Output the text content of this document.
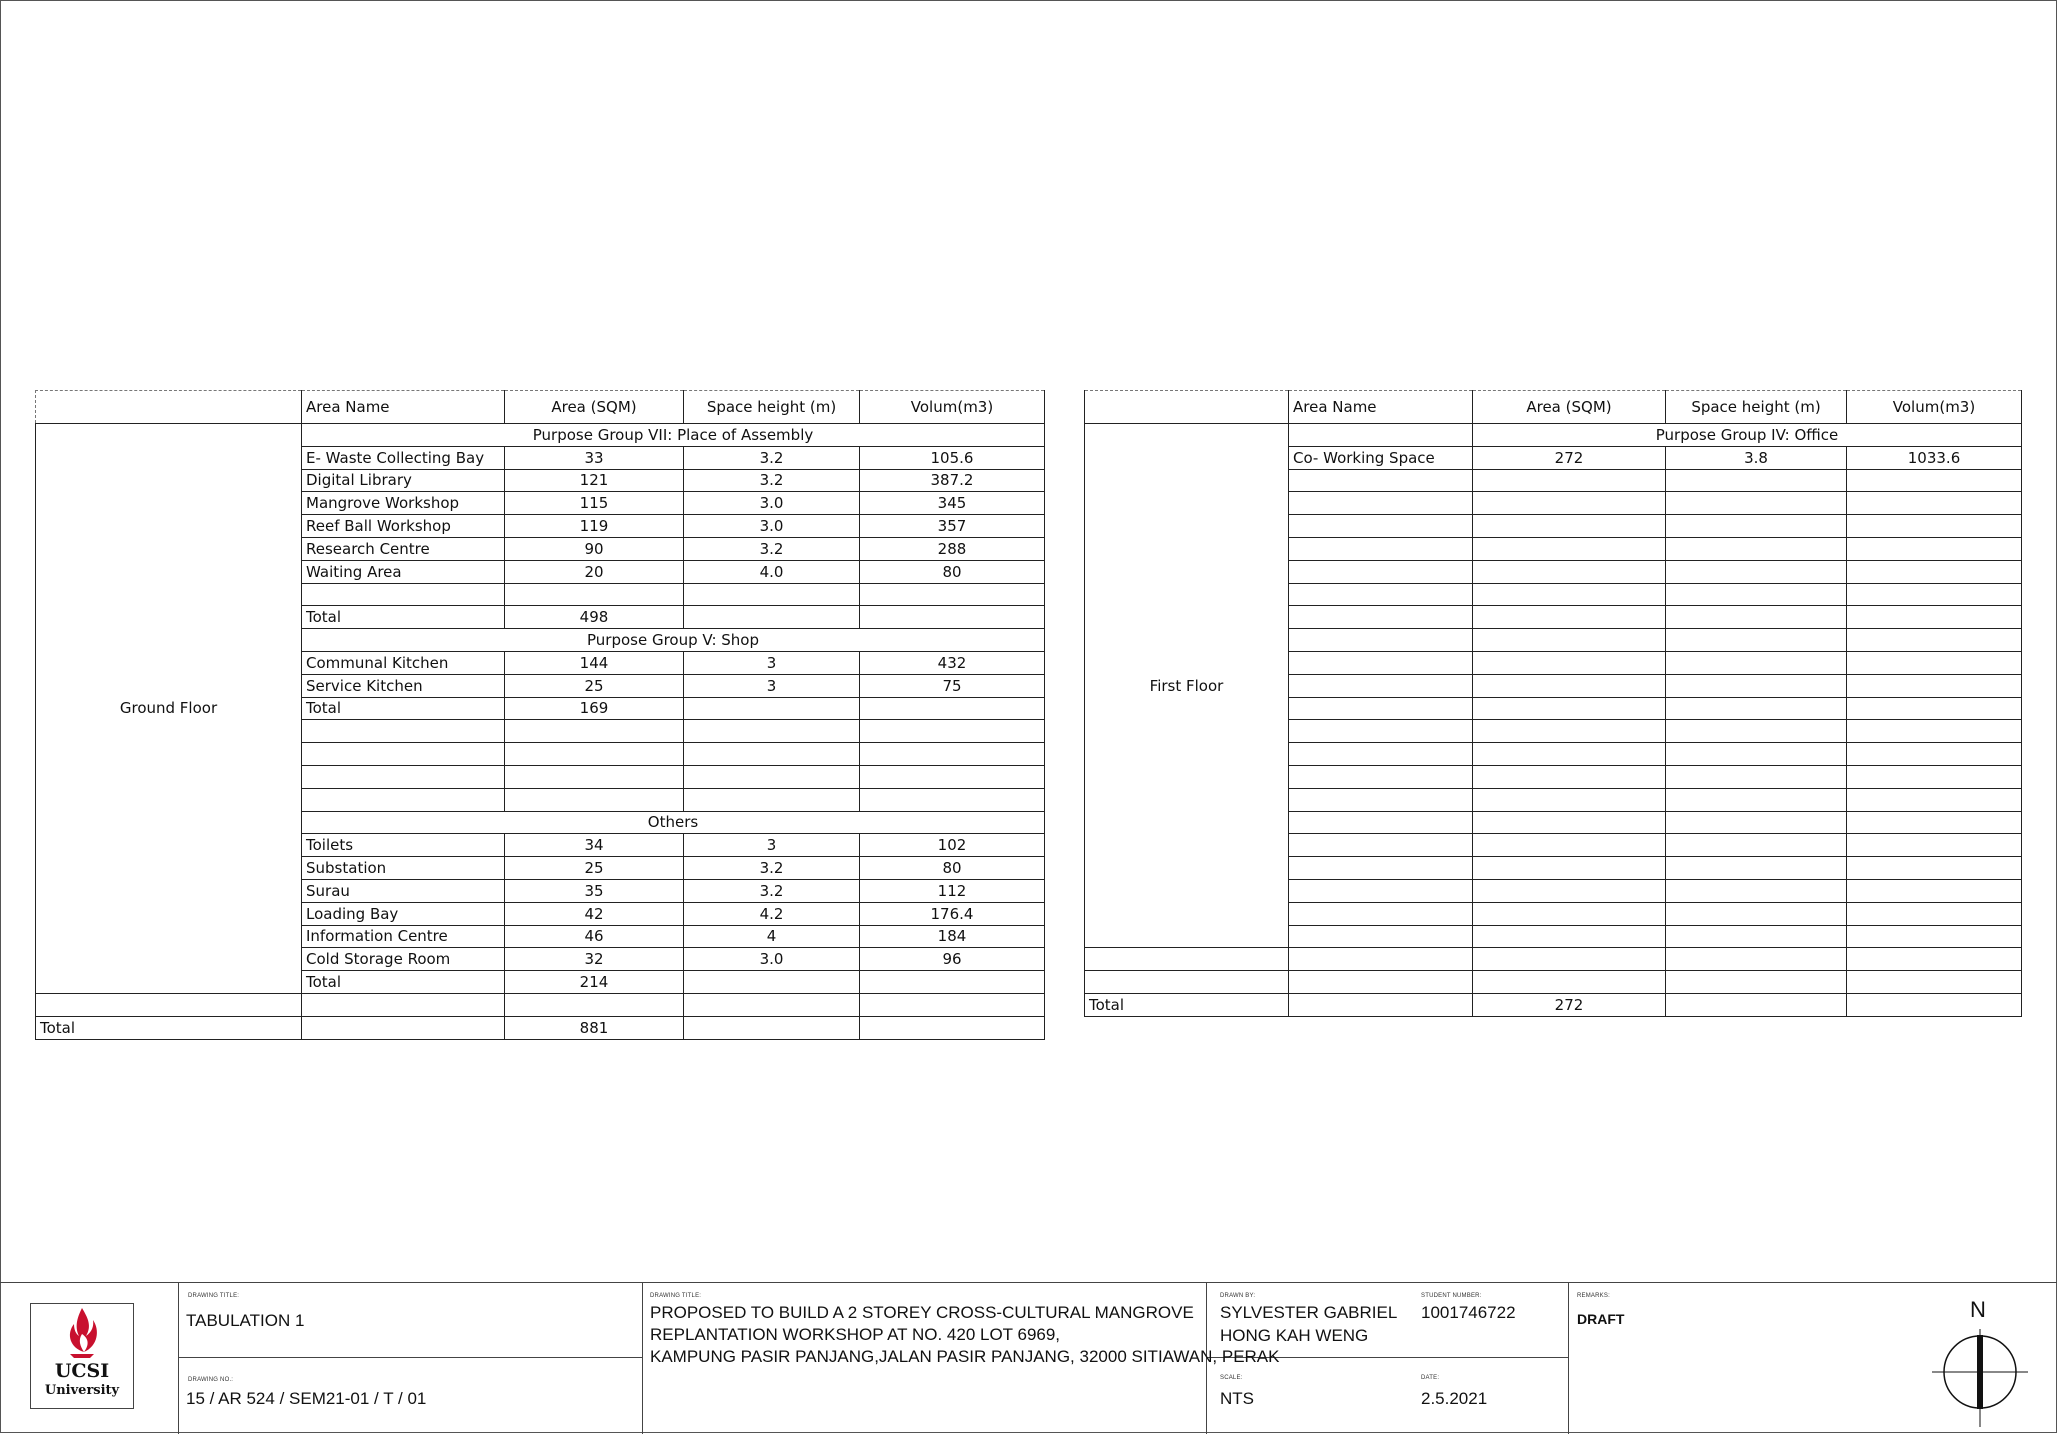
	Area Name	Area (SQM)	Space height (m)	Volum(m3)
Ground Floor	Purpose Group VII: Place of Assembly			
	E- Waste Collecting Bay	33	3.2	105.6
	Digital Library	121	3.2	387.2
	Mangrove Workshop	115	3.0	345
	Reef Ball Workshop	119	3.0	357
	Research Centre	90	3.2	288
	Waiting Area	20	4.0	80

	Total	498		
	Purpose Group V: Shop			
	Communal Kitchen	144	3	432
	Service Kitchen	25	3	75
	Total	169		

	Others			
	Toilets	34	3	102
	Substation	25	3.2	80
	Surau	35	3.2	112
	Loading Bay	42	4.2	176.4
	Information Centre	46	4	184
	Cold Storage Room	32	3.0	96
	Total	214		

Total		881		
	Area Name	Area (SQM)	Space height (m)	Volum(m3)
First Floor		Purpose Group IV: Office		
	Co- Working Space	272	3.8	1033.6

Total		272		
UCSI
University
DRAWING TITLE:
TABULATION 1
DRAWING NO.:
15 / AR 524 / SEM21-01 / T / 01
DRAWING TITLE:
PROPOSED TO BUILD A 2 STOREY CROSS-CULTURAL MANGROVE
REPLANTATION WORKSHOP AT NO. 420 LOT 6969,
KAMPUNG PASIR PANJANG,JALAN PASIR PANJANG, 32000 SITIAWAN, PERAK
DRAWN BY:
SYLVESTER GABRIEL
HONG KAH WENG
STUDENT NUMBER:
1001746722
SCALE:
NTS
DATE:
2.5.2021
REMARKS:
DRAFT	N
